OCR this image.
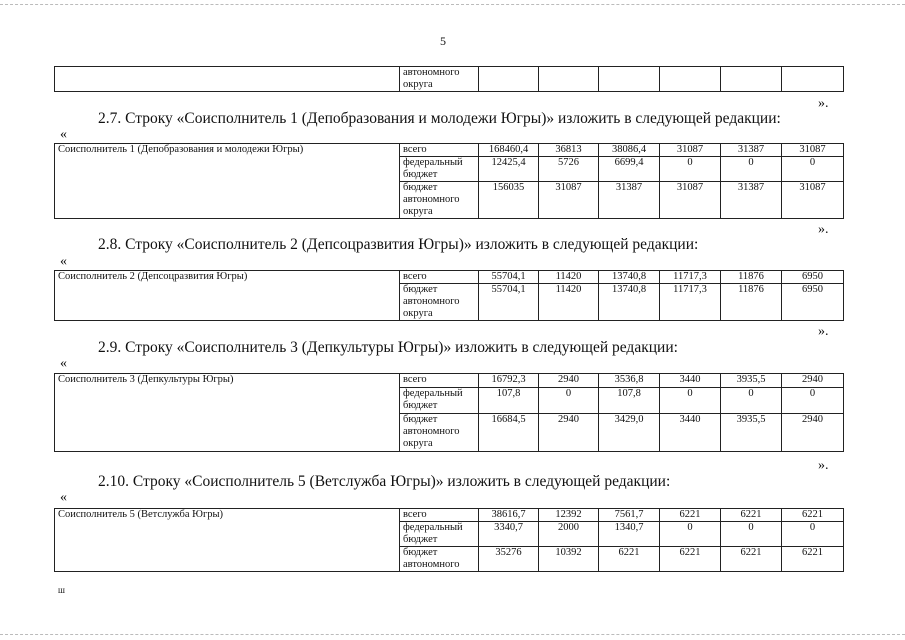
5
	автономного
округа						
».
2.7. Строку «Соисполнитель 1 (Депобразования и молодежи Югры)» изложить в следующей редакции:
«
Соисполнитель 1 (Депобразования и молодежи Югры)	всего	168460,4	36813	38086,4	31087	31387	31087
	федеральный бюджет	12425,4	5726	6699,4	0	0	0
	бюджет автономного округа	156035	31087	31387	31087	31387	31087
».
2.8. Строку «Соисполнитель 2 (Депсоцразвития Югры)» изложить в следующей редакции:
«
Соисполнитель 2 (Депсоцразвития Югры)	всего	55704,1	11420	13740,8	11717,3	11876	6950
	бюджет автономного округа	55704,1	11420	13740,8	11717,3	11876	6950
».
2.9. Строку «Соисполнитель 3 (Депкультуры Югры)» изложить в следующей редакции:
«
Соисполнитель 3 (Депкультуры Югры)	всего	16792,3	2940	3536,8	3440	3935,5	2940
	федеральный бюджет	107,8	0	107,8	0	0	0
	бюджет автономного округа	16684,5	2940	3429,0	3440	3935,5	2940
».
2.10. Строку «Соисполнитель 5 (Ветслужба Югры)» изложить в следующей редакции:
«
Соисполнитель 5 (Ветслужба Югры)	всего	38616,7	12392	7561,7	6221	6221	6221
	федеральный бюджет	3340,7	2000	1340,7	0	0	0
	бюджет автономного	35276	10392	6221	6221	6221	6221
ш
